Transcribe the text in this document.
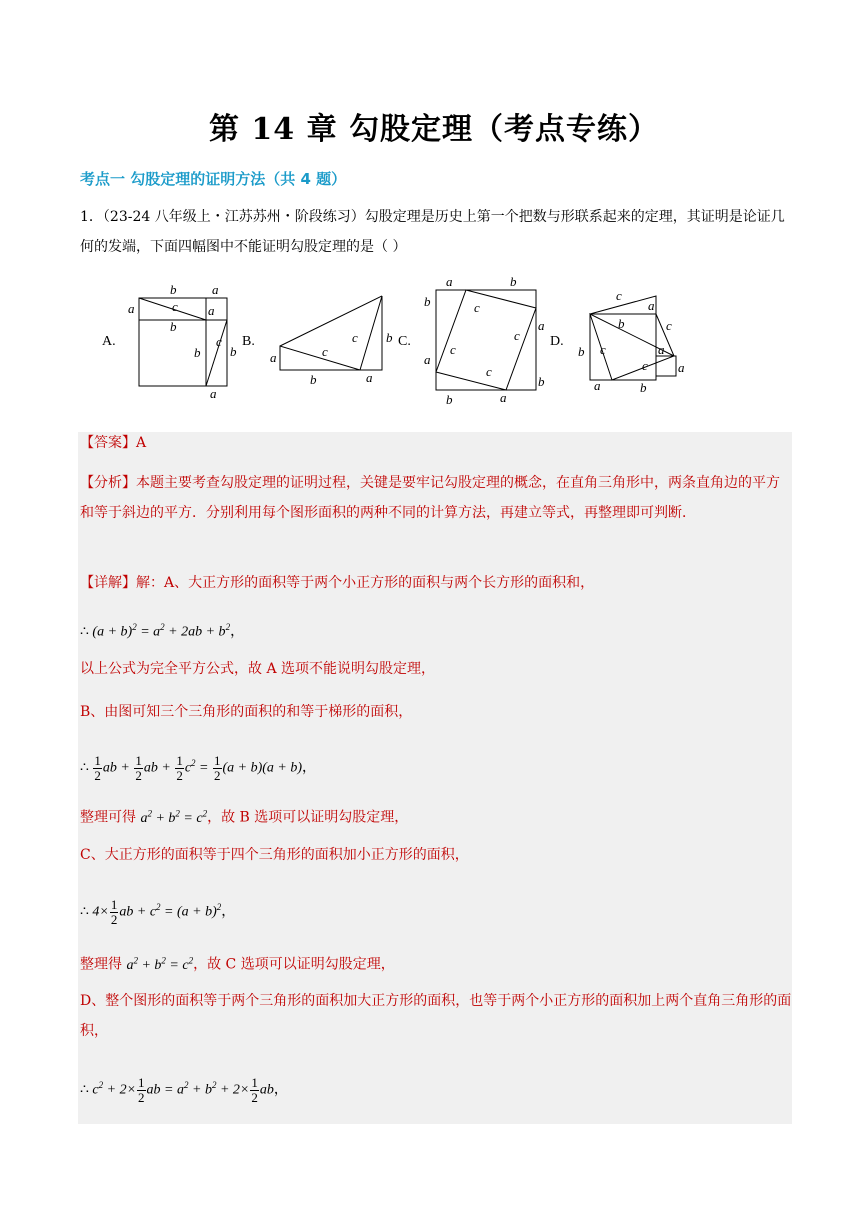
第 14 章 勾股定理（考点专练）
考点一 勾股定理的证明方法（共 4 题）
1．（23-24 八年级上・江苏苏州・阶段练习）勾股定理是历史上第一个把数与形联系起来的定理，其证明是论证几何的发端，下面四幅图中不能证明勾股定理的是（ ）
A.
b	a
a	c
b
a
b
c
b
a
B.
a
b
c
c b
a
C.
a	b
b
a
a
b
b	a
c
c
c
c
D.
c
a
b	c
b c	a
c a
a	b
【答案】A
【分析】本题主要考查勾股定理的证明过程，关键是要牢记勾股定理的概念，在直角三角形中，两条直角边的平方和等于斜边的平方．分别利用每个图形面积的两种不同的计算方法，再建立等式，再整理即可判断．
【详解】解：A、大正方形的面积等于两个小正方形的面积与两个长方形的面积和，
∴ $(a + b)^2 = a^2 + 2ab + b^2$，
以上公式为完全平方公式，故 A 选项不能说明勾股定理，
B、由图可知三个三角形的面积的和等于梯形的面积，
∴ $\frac{1}{2}$ ab + $\frac{1}{2}$ ab + $\frac{1}{2} c^2 = \frac{1}{2} (a + b)(a + b)$，
整理可得 $a^2 + b^2 = c^2$，故 B 选项可以证明勾股定理，
C、大正方形的面积等于四个三角形的面积加小正方形的面积，
∴ $4\times \frac{1}{2}$ ab + $c^2 = (a + b)^2$，
整理得 $a^2 + b^2 = c^2$，故 C 选项可以证明勾股定理，
D、整个图形的面积等于两个三角形的面积加大正方形的面积，也等于两个小正方形的面积加上两个直角三角形的面积，
∴ $c^2 + 2\times \frac{1}{2}$ ab = $a^2 + b^2 + 2\times \frac{1}{2}$ ab，
